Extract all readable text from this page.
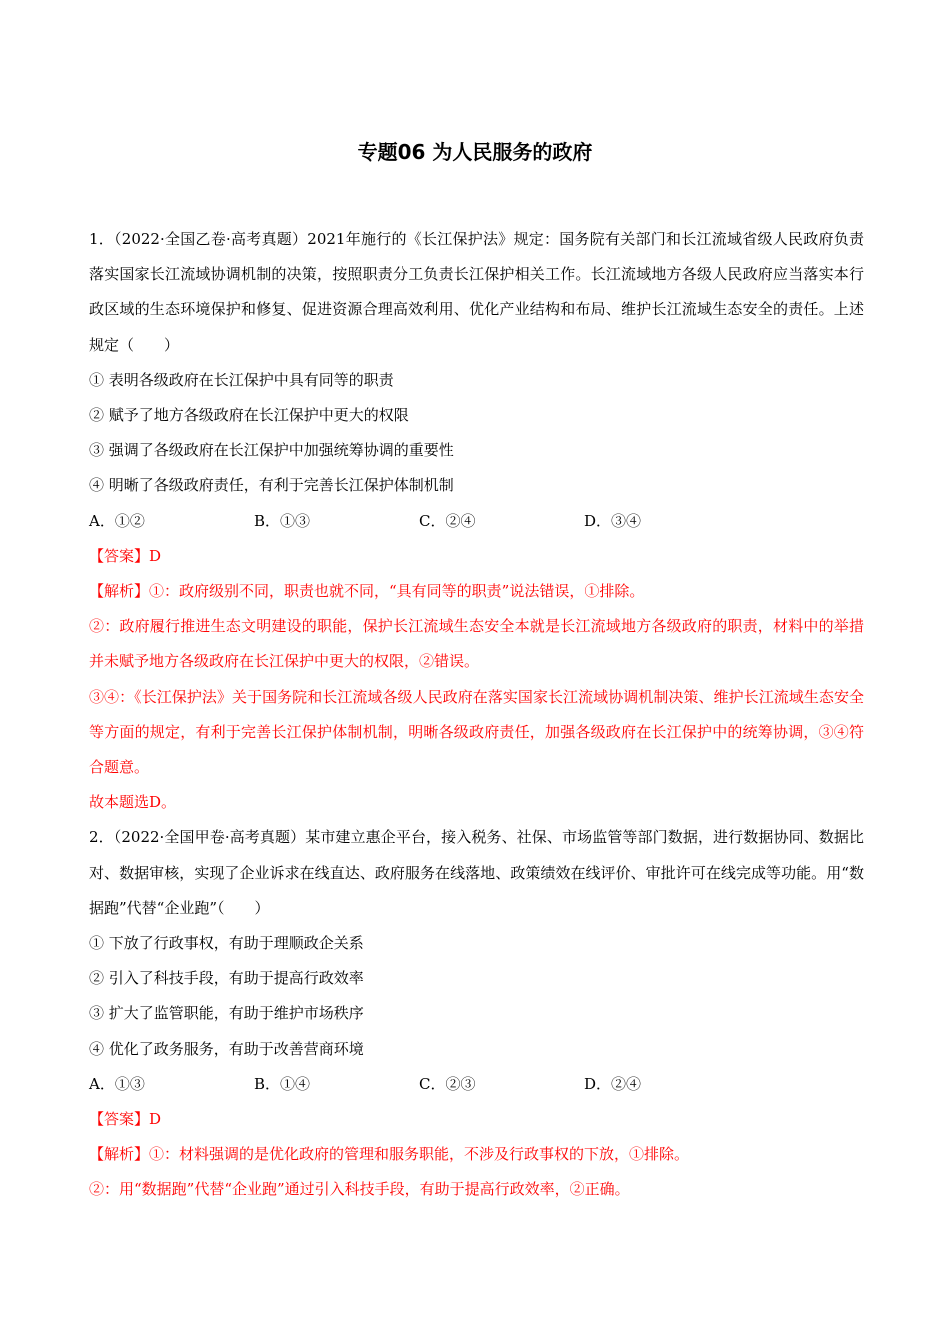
专题06 为人民服务的政府

1．（2022·全国乙卷·高考真题）2021年施行的《长江保护法》规定：国务院有关部门和长江流域省级人民政府负责落实国家长江流域协调机制的决策，按照职责分工负责长江保护相关工作。长江流域地方各级人民政府应当落实本行政区域的生态环境保护和修复、促进资源合理高效利用、优化产业结构和布局、维护长江流域生态安全的责任。上述规定（　　）

① 表明各级政府在长江保护中具有同等的职责

② 赋予了地方各级政府在长江保护中更大的权限

③ 强调了各级政府在长江保护中加强统筹协调的重要性

④ 明晰了各级政府责任，有利于完善长江保护体制机制

A．①②	B．①③	C．②④	D．③④

【答案】D

【解析】①：政府级别不同，职责也就不同，“具有同等的职责”说法错误，①排除。

②：政府履行推进生态文明建设的职能，保护长江流域生态安全本就是长江流域地方各级政府的职责，材料中的举措并未赋予地方各级政府在长江保护中更大的权限，②错误。

③④：《长江保护法》关于国务院和长江流域各级人民政府在落实国家长江流域协调机制决策、维护长江流域生态安全等方面的规定，有利于完善长江保护体制机制，明晰各级政府责任，加强各级政府在长江保护中的统筹协调，③④符合题意。

故本题选D。

2．（2022·全国甲卷·高考真题）某市建立惠企平台，接入税务、社保、市场监管等部门数据，进行数据协同、数据比对、数据审核，实现了企业诉求在线直达、政府服务在线落地、政策绩效在线评价、审批许可在线完成等功能。用“数据跑”代替“企业跑”（　　）

① 下放了行政事权，有助于理顺政企关系

② 引入了科技手段，有助于提高行政效率

③ 扩大了监管职能，有助于维护市场秩序

④ 优化了政务服务，有助于改善营商环境

A．①③	B．①④	C．②③	D．②④

【答案】D

【解析】①：材料强调的是优化政府的管理和服务职能，不涉及行政事权的下放，①排除。

②：用“数据跑”代替“企业跑”通过引入科技手段，有助于提高行政效率，②正确。
